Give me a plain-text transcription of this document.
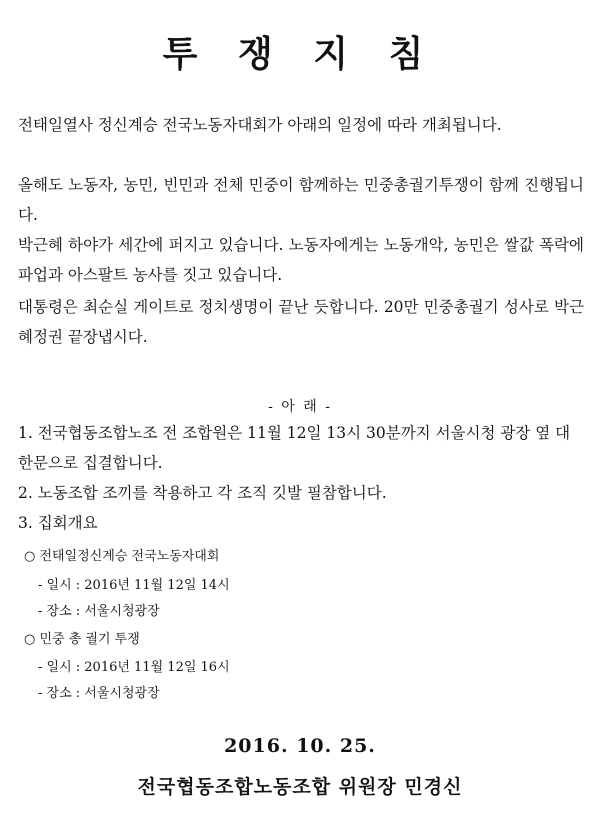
투 쟁 지 침
전태일열사 정신계승 전국노동자대회가 아래의 일정에 따라 개최됩니다.
올해도 노동자, 농민, 빈민과 전체 민중이 함께하는 민중총궐기투쟁이 함께 진행됩니다.
박근혜 하야가 세간에 퍼지고 있습니다. 노동자에게는 노동개악, 농민은 쌀값 폭락에 파업과 아스팔트 농사를 짓고 있습니다.
대통령은 최순실 게이트로 정치생명이 끝난 듯합니다. 20만 민중총궐기 성사로 박근혜정권 끝장냅시다.
- 아 래 -
1. 전국협동조합노조 전 조합원은 11월 12일 13시 30분까지 서울시청 광장 옆 대한문으로 집결합니다.
2. 노동조합 조끼를 착용하고 각 조직 깃발 필참합니다.
3. 집회개요
○ 전태일정신계승 전국노동자대회
- 일시 : 2016년 11월 12일 14시
- 장소 : 서울시청광장
○ 민중 총 궐기 투쟁
- 일시 : 2016년 11월 12일 16시
- 장소 : 서울시청광장
2016. 10. 25.
전국협동조합노동조합 위원장 민경신
